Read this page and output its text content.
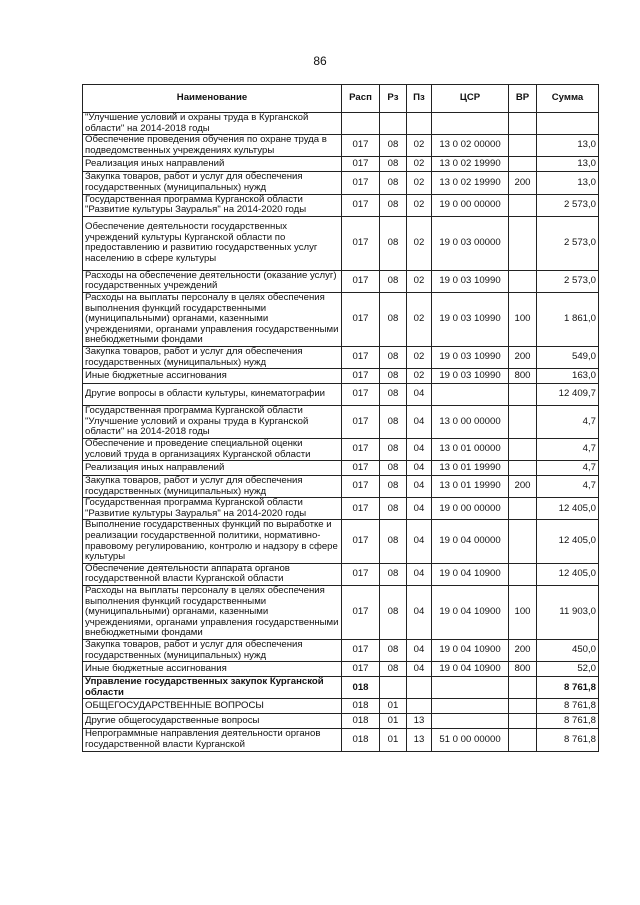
86
Наименование	Расп	Рз	Пз	ЦСР	ВР	Сумма
"Улучшение условий и охраны труда в Курганской области" на 2014-2018 годы						
Обеспечение проведения обучения по охране труда в подведомственных учреждениях культуры	017	08	02	13 0 02 00000		13,0
Реализация иных направлений	017	08	02	13 0 02 19990		13,0
Закупка товаров, работ и услуг для обеспечения государственных (муниципальных) нужд	017	08	02	13 0 02 19990	200	13,0
Государственная программа Курганской области "Развитие культуры Зауралья" на 2014-2020 годы	017	08	02	19 0 00 00000		2 573,0
Обеспечение деятельности государственных учреждений культуры Курганской области по предоставлению и развитию государственных услуг населению в сфере культуры	017	08	02	19 0 03 00000		2 573,0
Расходы на обеспечение деятельности (оказание услуг) государственных учреждений	017	08	02	19 0 03 10990		2 573,0
Расходы на выплаты персоналу в целях обеспечения выполнения функций государственными (муниципальными) органами, казенными учреждениями, органами управления государственными внебюджетными фондами	017	08	02	19 0 03 10990	100	1 861,0
Закупка товаров, работ и услуг для обеспечения государственных (муниципальных) нужд	017	08	02	19 0 03 10990	200	549,0
Иные бюджетные ассигнования	017	08	02	19 0 03 10990	800	163,0
Другие вопросы в области культуры, кинематографии	017	08	04			12 409,7
Государственная программа Курганской области "Улучшение условий и охраны труда в Курганской области" на 2014-2018 годы	017	08	04	13 0 00 00000		4,7
Обеспечение и проведение специальной оценки условий труда в организациях Курганской области	017	08	04	13 0 01 00000		4,7
Реализация иных направлений	017	08	04	13 0 01 19990		4,7
Закупка товаров, работ и услуг для обеспечения государственных (муниципальных) нужд	017	08	04	13 0 01 19990	200	4,7
Государственная программа Курганской области "Развитие культуры Зауралья" на 2014-2020 годы	017	08	04	19 0 00 00000		12 405,0
Выполнение государственных функций по выработке и реализации государственной политики, нормативно-правовому регулированию, контролю и надзору в сфере культуры	017	08	04	19 0 04 00000		12 405,0
Обеспечение деятельности аппарата органов государственной власти Курганской области	017	08	04	19 0 04 10900		12 405,0
Расходы на выплаты персоналу в целях обеспечения выполнения функций государственными (муниципальными) органами, казенными учреждениями, органами управления государственными внебюджетными фондами	017	08	04	19 0 04 10900	100	11 903,0
Закупка товаров, работ и услуг для обеспечения государственных (муниципальных) нужд	017	08	04	19 0 04 10900	200	450,0
Иные бюджетные ассигнования	017	08	04	19 0 04 10900	800	52,0
Управление государственных закупок Курганской области	018					8 761,8
ОБЩЕГОСУДАРСТВЕННЫЕ ВОПРОСЫ	018	01				8 761,8
Другие общегосударственные вопросы	018	01	13			8 761,8
Непрограммные направления деятельности органов государственной власти Курганской	018	01	13	51 0 00 00000		8 761,8
